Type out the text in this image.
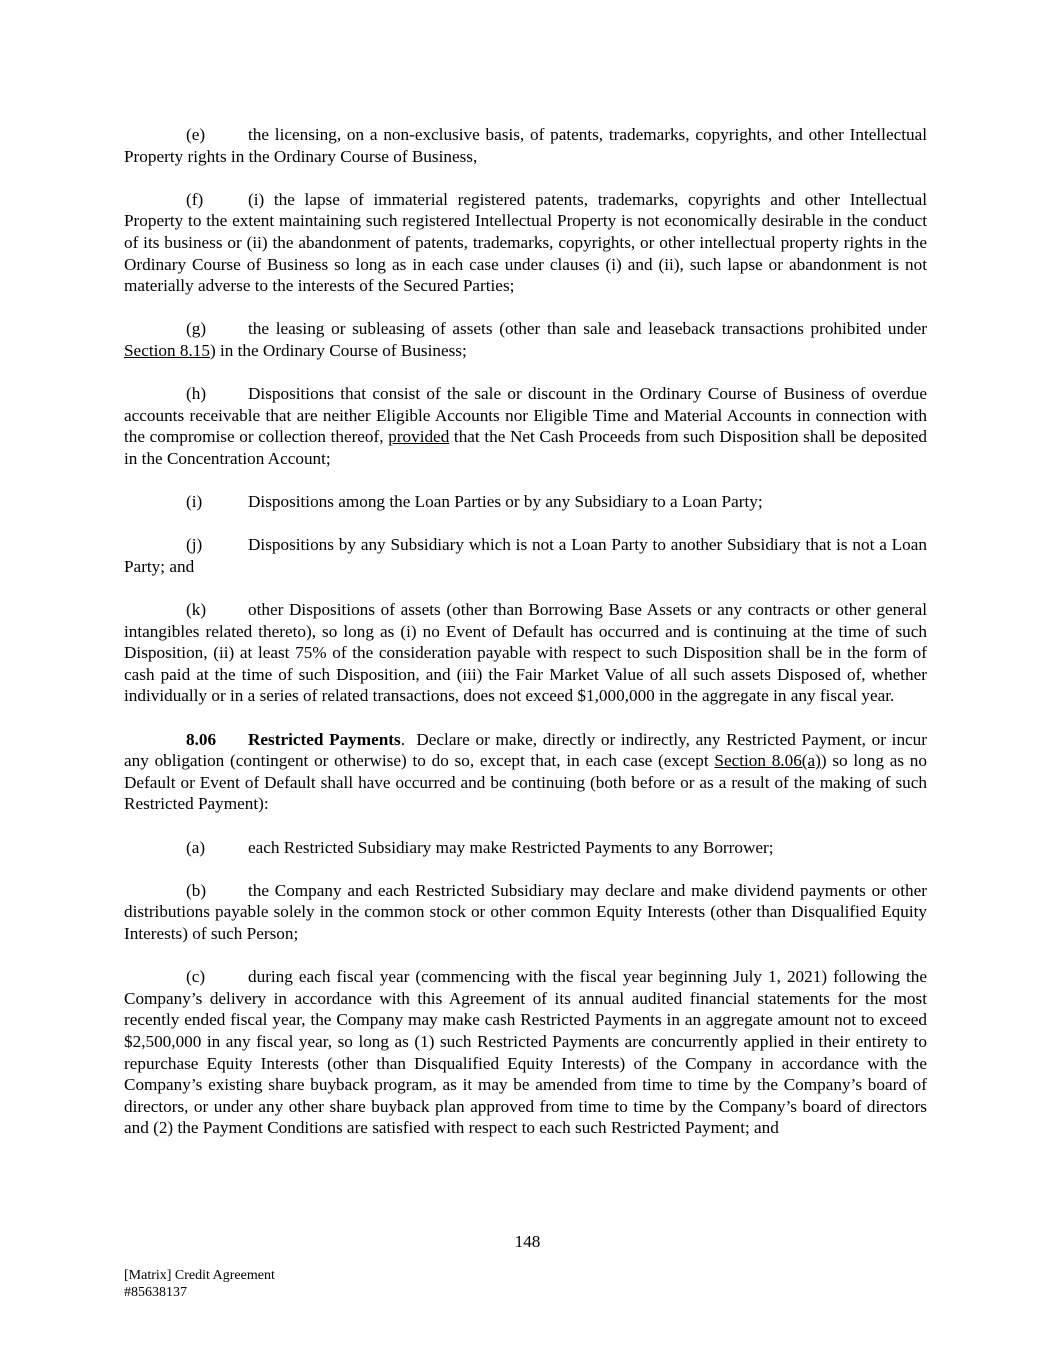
(e) the licensing, on a non-exclusive basis, of patents, trademarks, copyrights, and other Intellectual Property rights in the Ordinary Course of Business,

(f)	(i) the lapse of immaterial registered patents, trademarks, copyrights and other Intellectual Property to the extent maintaining such registered Intellectual Property is not economically desirable in the conduct of its business or (ii) the abandonment of patents, trademarks, copyrights, or other intellectual property rights in the Ordinary Course of Business so long as in each case under clauses (i) and (ii), such lapse or abandonment is not materially adverse to the interests of the Secured Parties;

(g) the leasing or subleasing of assets (other than sale and leaseback transactions prohibited under Section 8.15) in the Ordinary Course of Business;

(h) Dispositions that consist of the sale or discount in the Ordinary Course of Business of overdue accounts receivable that are neither Eligible Accounts nor Eligible Time and Material Accounts in connection with the compromise or collection thereof, provided that the Net Cash Proceeds from such Disposition shall be deposited in the Concentration Account;

(i)	Dispositions among the Loan Parties or by any Subsidiary to a Loan Party;

(j)	Dispositions by any Subsidiary which is not a Loan Party to another Subsidiary that is not a Loan Party; and

(k) other Dispositions of assets (other than Borrowing Base Assets or any contracts or other general intangibles related thereto), so long as (i) no Event of Default has occurred and is continuing at the time of such Disposition, (ii) at least 75% of the consideration payable with respect to such Disposition shall be in the form of cash paid at the time of such Disposition, and (iii) the Fair Market Value of all such assets Disposed of, whether individually or in a series of related transactions, does not exceed $1,000,000 in the aggregate in any fiscal year.

8.06 Restricted Payments.  Declare or make, directly or indirectly, any Restricted Payment, or incur any obligation (contingent or otherwise) to do so, except that, in each case (except Section 8.06(a)) so long as no Default or Event of Default shall have occurred and be continuing (both before or as a result of the making of such Restricted Payment):

(a) each Restricted Subsidiary may make Restricted Payments to any Borrower;

(b) the Company and each Restricted Subsidiary may declare and make dividend payments or other distributions payable solely in the common stock or other common Equity Interests (other than Disqualified Equity Interests) of such Person;

(c) during each fiscal year (commencing with the fiscal year beginning July 1, 2021) following the Company’s delivery in accordance with this Agreement of its annual audited financial statements for the most recently ended fiscal year, the Company may make cash Restricted Payments in an aggregate amount not to exceed $2,500,000 in any fiscal year, so long as (1) such Restricted Payments are concurrently applied in their entirety to repurchase Equity Interests (other than Disqualified Equity Interests) of the Company in accordance with the Company’s existing share buyback program, as it may be amended from time to time by the Company’s board of directors, or under any other share buyback plan approved from time to time by the Company’s board of directors and (2) the Payment Conditions are satisfied with respect to each such Restricted Payment; and

148
[Matrix] Credit Agreement
#85638137
